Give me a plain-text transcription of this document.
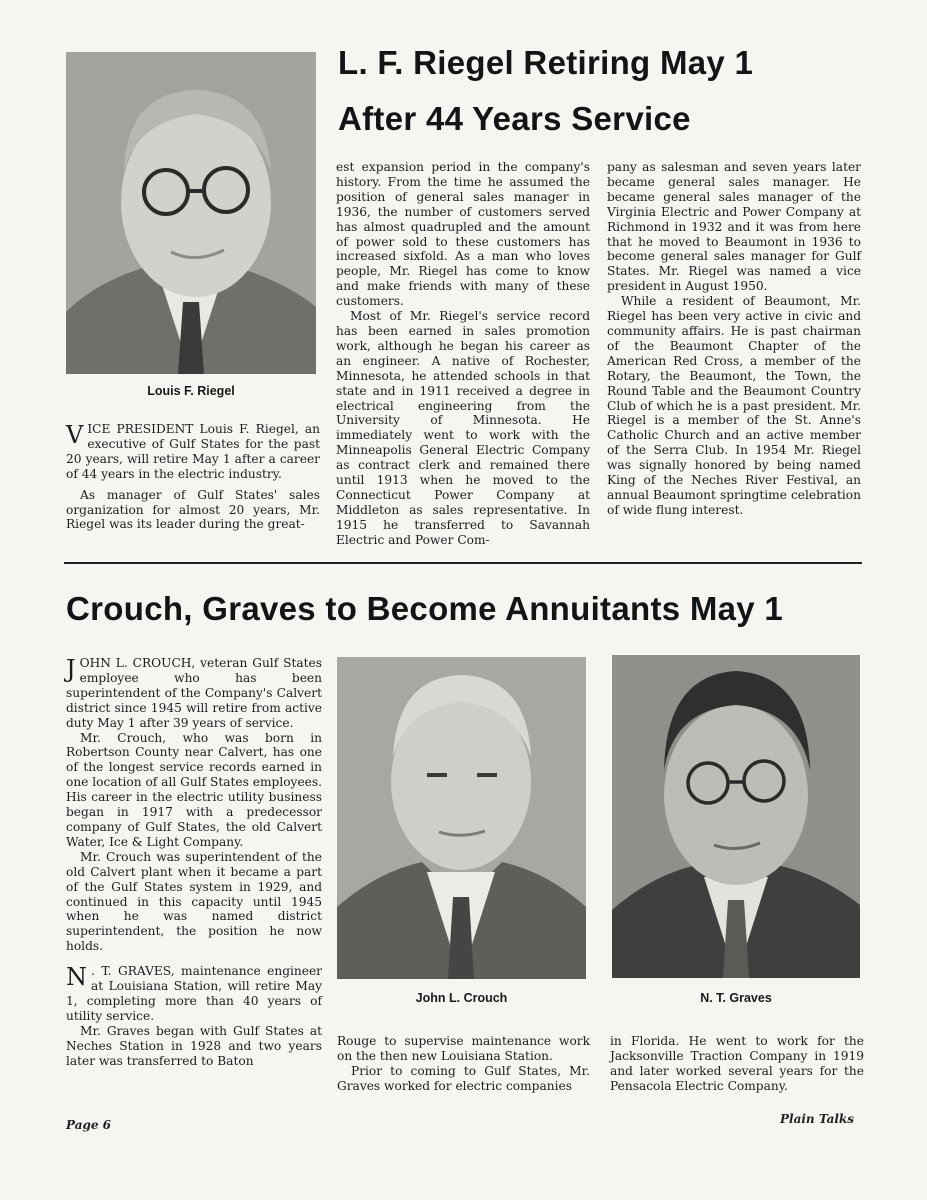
Louis F. Riegel
L. F. Riegel Retiring May 1
After 44 Years Service

VICE PRESIDENT Louis F. Riegel, an executive of Gulf States for the past 20 years, will retire May 1 after a career of 44 years in the electric industry.

As manager of Gulf States' sales organization for almost 20 years, Mr. Riegel was its leader during the great-

est expansion period in the company's history. From the time he assumed the position of general sales manager in 1936, the number of customers served has almost quadrupled and the amount of power sold to these customers has increased sixfold. As a man who loves people, Mr. Riegel has come to know and make friends with many of these customers.

Most of Mr. Riegel's service record has been earned in sales promotion work, although he began his career as an engineer. A native of Rochester, Minnesota, he attended schools in that state and in 1911 received a degree in electrical engineering from the University of Minnesota. He immediately went to work with the Minneapolis General Electric Company as contract clerk and remained there until 1913 when he moved to the Connecticut Power Company at Middleton as sales representative. In 1915 he transferred to Savannah Electric and Power Com-

pany as salesman and seven years later became general sales manager. He became general sales manager of the Virginia Electric and Power Company at Richmond in 1932 and it was from here that he moved to Beaumont in 1936 to become general sales manager for Gulf States. Mr. Riegel was named a vice president in August 1950.

While a resident of Beaumont, Mr. Riegel has been very active in civic and community affairs. He is past chairman of the Beaumont Chapter of the American Red Cross, a member of the Rotary, the Beaumont, the Town, the Round Table and the Beaumont Country Club of which he is a past president. Mr. Riegel is a member of the St. Anne's Catholic Church and an active member of the Serra Club. In 1954 Mr. Riegel was signally honored by being named King of the Neches River Festival, an annual Beaumont springtime celebration of wide flung interest.

Crouch, Graves to Become Annuitants May 1

JOHN L. CROUCH, veteran Gulf States employee who has been superintendent of the Company's Calvert district since 1945 will retire from active duty May 1 after 39 years of service.

Mr. Crouch, who was born in Robertson County near Calvert, has one of the longest service records earned in one location of all Gulf States employees. His career in the electric utility business began in 1917 with a predecessor company of Gulf States, the old Calvert Water, Ice & Light Company.

Mr. Crouch was superintendent of the old Calvert plant when it became a part of the Gulf States system in 1929, and continued in this capacity until 1945 when he was named district superintendent, the position he now holds.

N . T. GRAVES, maintenance engineer at Louisiana Station, will retire May 1, completing more than 40 years of utility service.

Mr. Graves began with Gulf States at Neches Station in 1928 and two years later was transferred to Baton

John L. Crouch	N. T. Graves

Rouge to supervise maintenance work on the then new Louisiana Station.

Prior to coming to Gulf States, Mr. Graves worked for electric companies

in Florida. He went to work for the Jacksonville Traction Company in 1919 and later worked several years for the Pensacola Electric Company.

Page 6	Plain Talks
